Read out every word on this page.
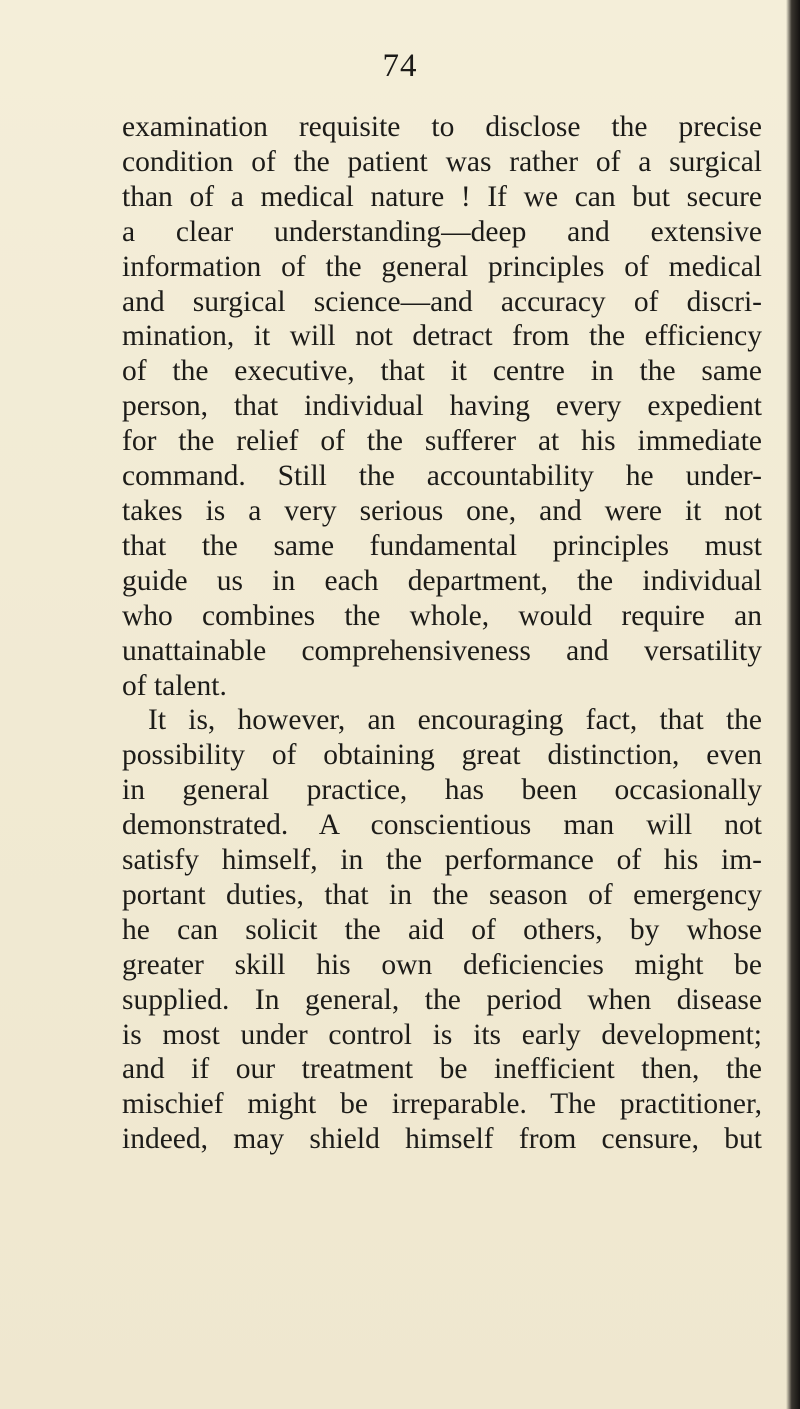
74
examination requisite to disclose the precise
condition of the patient was rather of a surgical
than of a medical nature ! If we can but secure
a clear understanding—deep and extensive
information of the general principles of medical
and surgical science—and accuracy of discri-
mination, it will not detract from the efficiency
of the executive, that it centre in the same
person, that individual having every expedient
for the relief of the sufferer at his immediate
command. Still the accountability he under-
takes is a very serious one, and were it not
that the same fundamental principles must
guide us in each department, the individual
who combines the whole, would require an
unattainable comprehensiveness and versatility
of talent.
It is, however, an encouraging fact, that the
possibility of obtaining great distinction, even
in general practice, has been occasionally
demonstrated. A conscientious man will not
satisfy himself, in the performance of his im-
portant duties, that in the season of emergency
he can solicit the aid of others, by whose
greater skill his own deficiencies might be
supplied. In general, the period when disease
is most under control is its early development;
and if our treatment be inefficient then, the
mischief might be irreparable. The practitioner,
indeed, may shield himself from censure, but
